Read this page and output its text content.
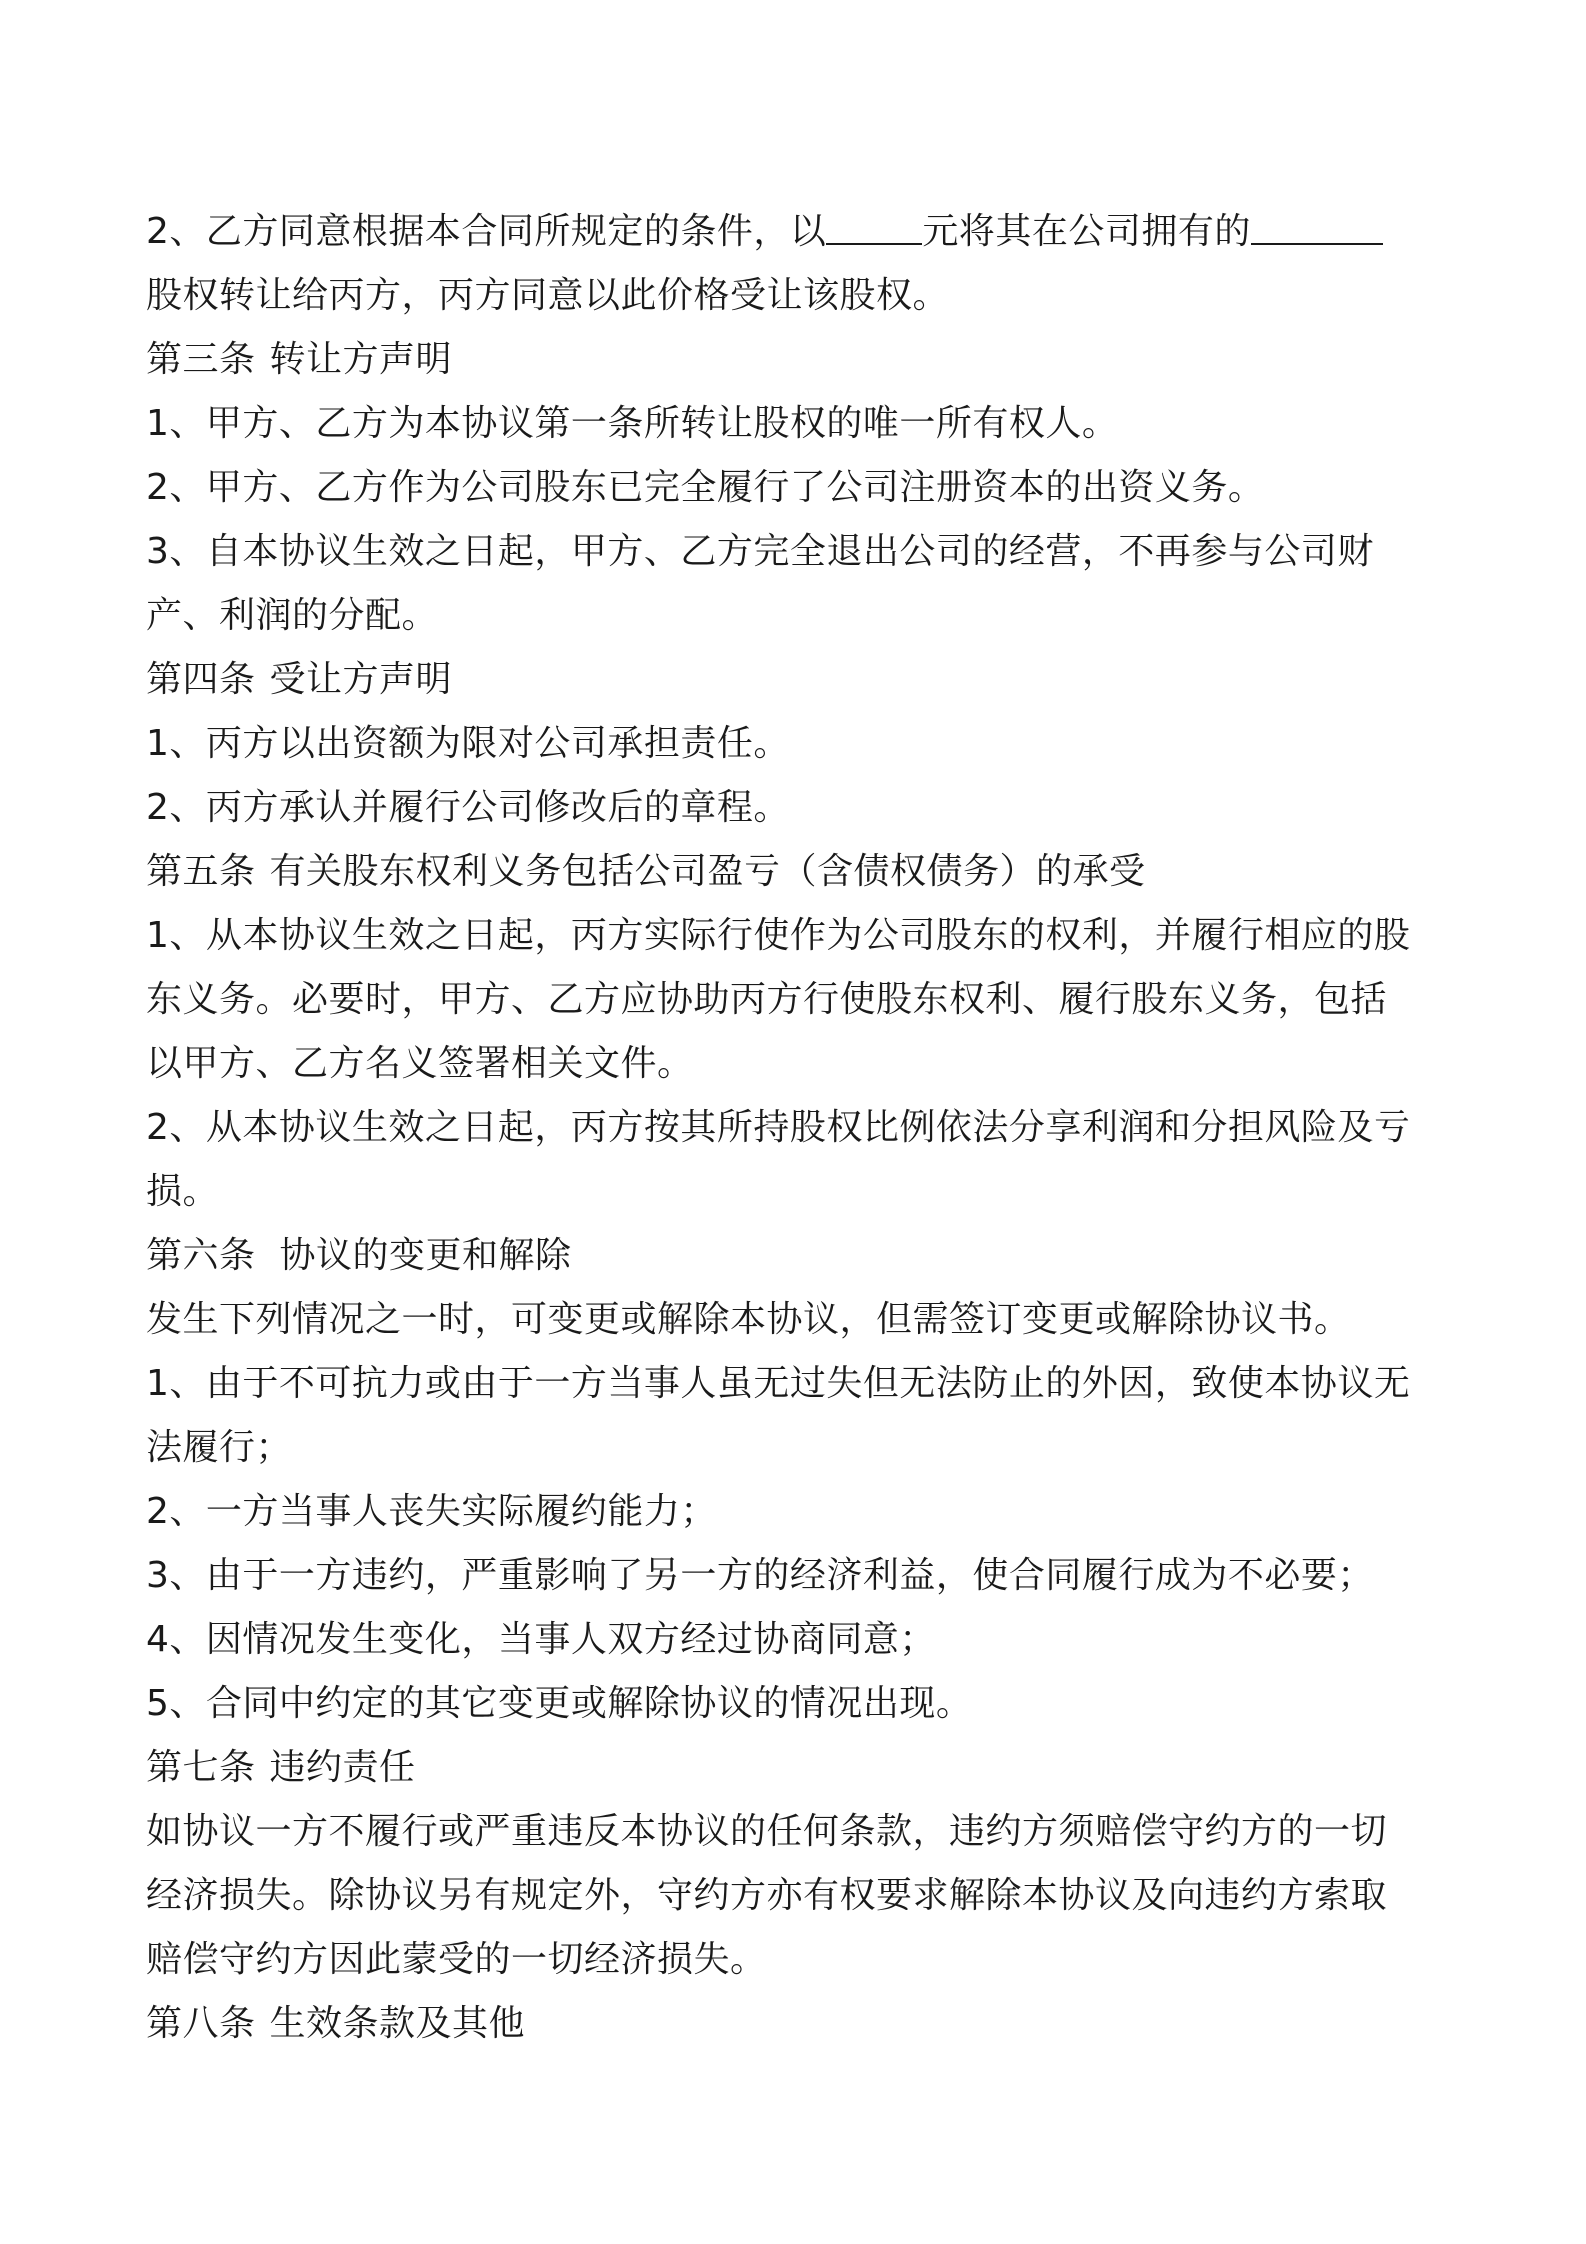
2、乙方同意根据本合同所规定的条件，以	元将其在公司拥有的

股权转让给丙方，丙方同意以此价格受让该股权。

第三条 转让方声明

1、甲方、乙方为本协议第一条所转让股权的唯一所有权人。

2、甲方、乙方作为公司股东已完全履行了公司注册资本的出资义务。

3、自本协议生效之日起，甲方、乙方完全退出公司的经营，不再参与公司财

产、利润的分配。

第四条 受让方声明

1、丙方以出资额为限对公司承担责任。

2、丙方承认并履行公司修改后的章程。

第五条 有关股东权利义务包括公司盈亏（含债权债务）的承受

1、从本协议生效之日起，丙方实际行使作为公司股东的权利，并履行相应的股

东义务。必要时，甲方、乙方应协助丙方行使股东权利、履行股东义务，包括

以甲方、乙方名义签署相关文件。

2、从本协议生效之日起，丙方按其所持股权比例依法分享利润和分担风险及亏

损。

第六条 协议的变更和解除

发生下列情况之一时，可变更或解除本协议，但需签订变更或解除协议书。

1、由于不可抗力或由于一方当事人虽无过失但无法防止的外因，致使本协议无

法履行；

2、一方当事人丧失实际履约能力；

3、由于一方违约，严重影响了另一方的经济利益，使合同履行成为不必要；

4、因情况发生变化，当事人双方经过协商同意；

5、合同中约定的其它变更或解除协议的情况出现。

第七条 违约责任

如协议一方不履行或严重违反本协议的任何条款，违约方须赔偿守约方的一切

经济损失。除协议另有规定外，守约方亦有权要求解除本协议及向违约方索取

赔偿守约方因此蒙受的一切经济损失。

第八条 生效条款及其他
